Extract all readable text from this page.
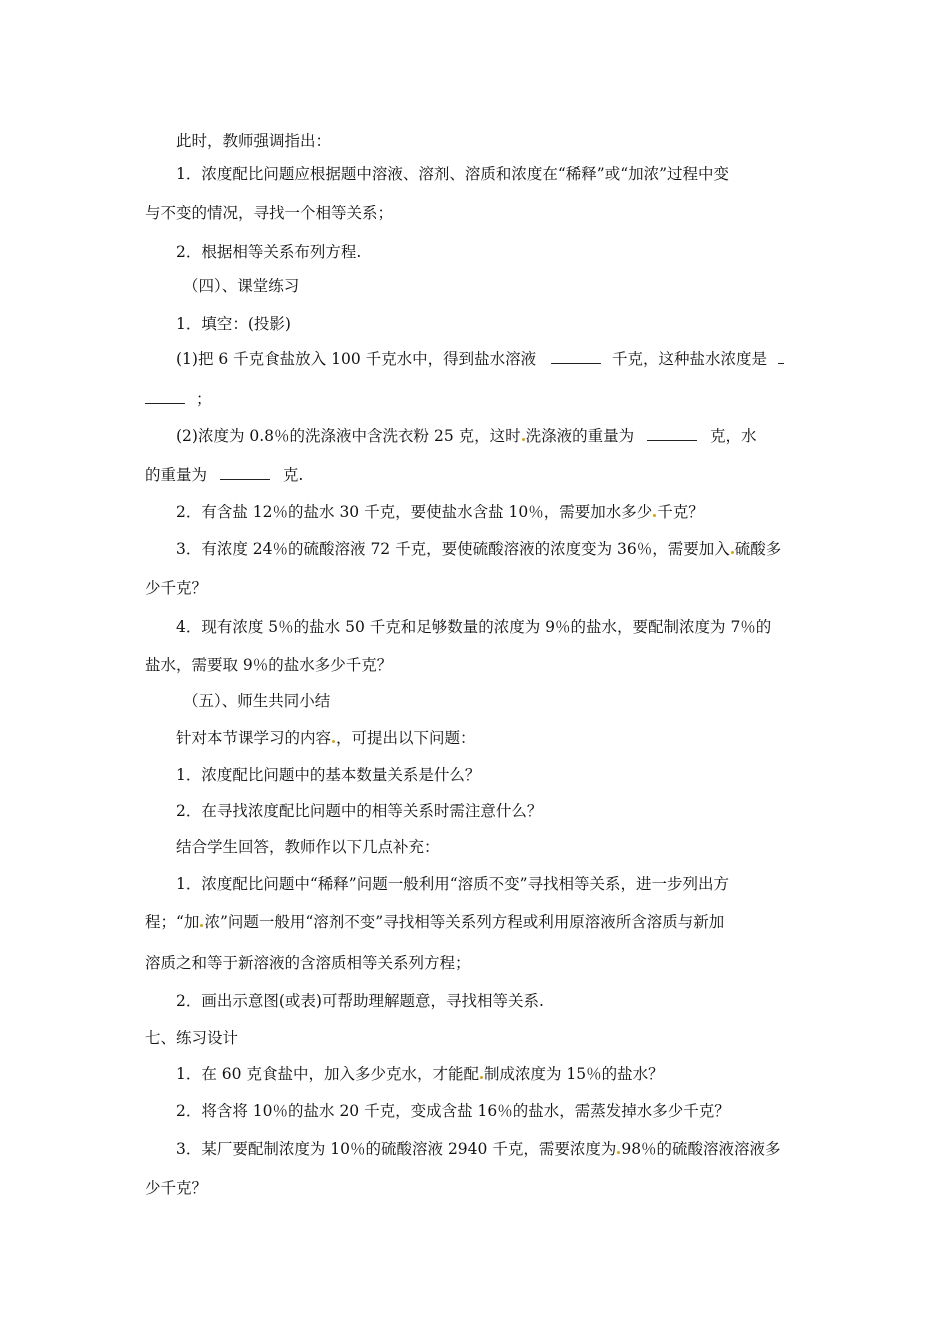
此时，教师强调指出：
1．浓度配比问题应根据题中溶液、溶剂、溶质和浓度在“稀释”或“加浓”过程中变
与不变的情况，寻找一个相等关系；
2．根据相等关系布列方程.
（四）、课堂练习
1．填空：(投影)
(1)把 6 千克食盐放入 100 千克水中，得到盐水溶液	千克，这种盐水浓度是
；
(2)浓度为 0.8％的洗涤液中含洗衣粉 25 克，这时 洗涤液的重量为	克，水
的重量为	克.
2．有含盐 12％的盐水 30 千克，要使盐水含盐 10％，需要加水多少 千克？
3．有浓度 24％的硫酸溶液 72 千克，要使硫酸溶液的浓度变为 36％，需要加入 硫酸多
少千克？
4．现有浓度 5％的盐水 50 千克和足够数量的浓度为 9％的盐水，要配制浓度为 7％的
盐水，需要取 9％的盐水多少千克？
（五）、师生共同小结
针对本节课学习的内容 ，可提出以下问题：
1．浓度配比问题中的基本数量关系是什么？
2．在寻找浓度配比问题中的相等关系时需注意什么？
结合学生回答，教师作以下几点补充：
1．浓度配比问题中“稀释”问题一般利用“溶质不变”寻找相等关系，进一步列出方
程；“加 浓”问题一般用“溶剂不变”寻找相等关系列方程或利用原溶液所含溶质与新加
溶质之和等于新溶液的含溶质相等关系列方程；
2．画出示意图(或表)可帮助理解题意，寻找相等关系.
七、练习设计
1．在 60 克食盐中，加入多少克水，才能配 制成浓度为 15％的盐水？
2．将含将 10％的盐水 20 千克，变成含盐 16％的盐水，需蒸发掉水多少千克？
3．某厂要配制浓度为 10％的硫酸溶液 2940 千克，需要浓度为 98％的硫酸溶液溶液多
少千克？
